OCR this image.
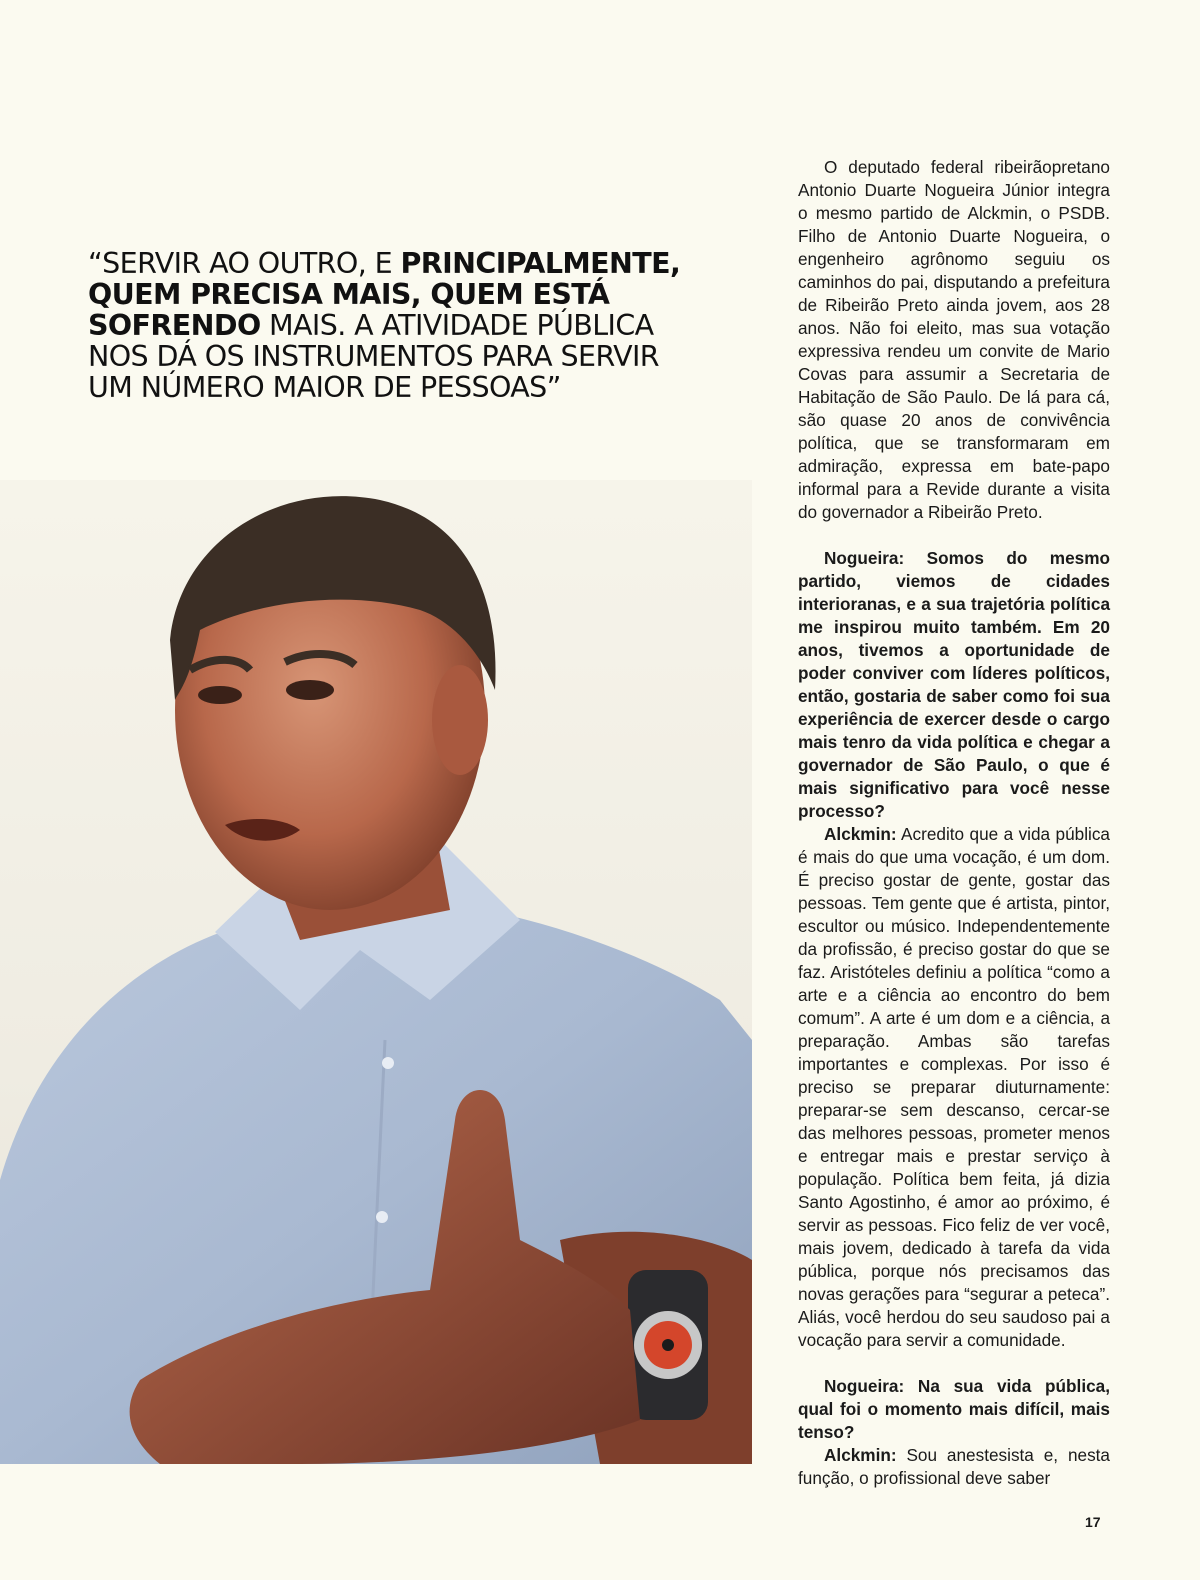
“SERVIR AO OUTRO, E PRINCIPALMENTE, QUEM PRECISA MAIS, QUEM ESTÁ SOFRENDO MAIS. A ATIVIDADE PÚBLICA NOS DÁ OS INSTRUMENTOS PARA SERVIR UM NÚMERO MAIOR DE PESSOAS”

O deputado federal ribeirãopretano Antonio Duarte Nogueira Júnior integra o mesmo partido de Alckmin, o PSDB. Filho de Antonio Duarte Nogueira, o engenheiro agrônomo seguiu os caminhos do pai, disputando a prefeitura de Ribeirão Preto ainda jovem, aos 28 anos. Não foi eleito, mas sua votação expressiva rendeu um convite de Mario Covas para assumir a Secretaria de Habitação de São Paulo. De lá para cá, são quase 20 anos de convivência política, que se transformaram em admiração, expressa em bate-papo informal para a Revide durante a visita do governador a Ribeirão Preto.

Nogueira: Somos do mesmo partido, viemos de cidades interioranas, e a sua trajetória política me inspirou muito também. Em 20 anos, tivemos a oportunidade de poder conviver com líderes políticos, então, gostaria de saber como foi sua experiência de exercer desde o cargo mais tenro da vida política e chegar a governador de São Paulo, o que é mais significativo para você nesse processo?

Alckmin: Acredito que a vida pública é mais do que uma vocação, é um dom. É preciso gostar de gente, gostar das pessoas. Tem gente que é artista, pintor, escultor ou músico. Independentemente da profissão, é preciso gostar do que se faz. Aristóteles definiu a política “como a arte e a ciência ao encontro do bem comum”. A arte é um dom e a ciência, a preparação. Ambas são tarefas importantes e complexas. Por isso é preciso se preparar diuturnamente: preparar-se sem descanso, cercar-se das melhores pessoas, prometer menos e entregar mais e prestar serviço à população. Política bem feita, já dizia Santo Agostinho, é amor ao próximo, é servir as pessoas. Fico feliz de ver você, mais jovem, dedicado à tarefa da vida pública, porque nós precisamos das novas gerações para “segurar a peteca”. Aliás, você herdou do seu saudoso pai a vocação para servir a comunidade.

Nogueira: Na sua vida pública, qual foi o momento mais difícil, mais tenso?

Alckmin: Sou anestesista e, nesta função, o profissional deve saber

17
